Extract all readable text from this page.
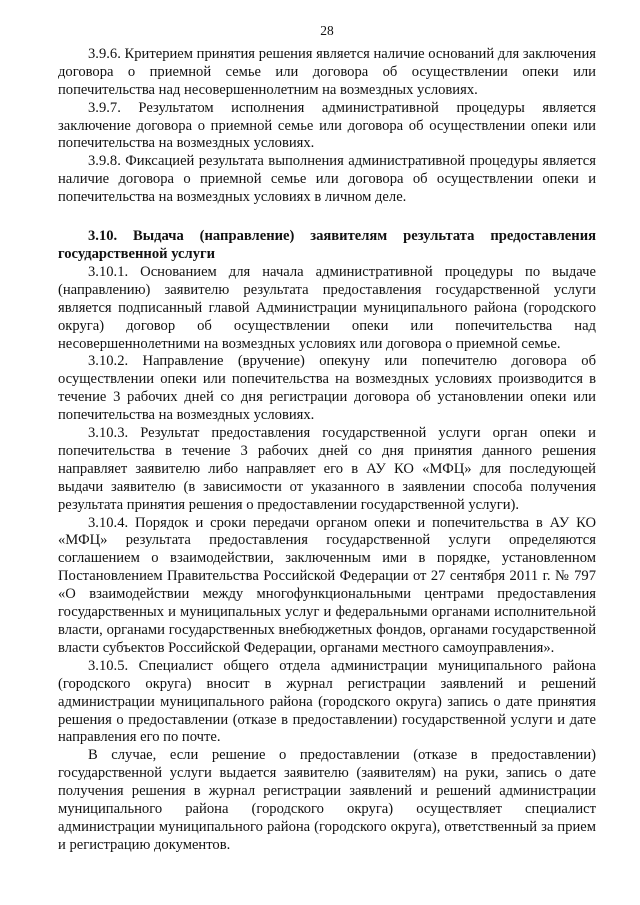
28

3.9.6. Критерием принятия решения является наличие оснований для заключения договора о приемной семье или договора об осуществлении опеки или попечительства над несовершеннолетним на возмездных условиях.

3.9.7. Результатом исполнения административной процедуры является заключение договора о приемной семье или договора об осуществлении опеки или попечительства на возмездных условиях.

3.9.8. Фиксацией результата выполнения административной процедуры является наличие договора о приемной семье или договора об осуществлении опеки и попечительства на возмездных условиях в личном деле.

3.10. Выдача (направление) заявителям результата предоставления государственной услуги

3.10.1. Основанием для начала административной процедуры по выдаче (направлению) заявителю результата предоставления государственной услуги является подписанный главой Администрации муниципального района (городского округа) договор об осуществлении опеки или попечительства над несовершеннолетними на возмездных условиях или договора о приемной семье.

3.10.2. Направление (вручение) опекуну или попечителю договора об осуществлении опеки или попечительства на возмездных условиях производится в течение 3 рабочих дней со дня регистрации договора об установлении опеки или попечительства на возмездных условиях.

3.10.3. Результат предоставления государственной услуги орган опеки и попечительства в течение 3 рабочих дней со дня принятия данного решения направляет заявителю либо направляет его в АУ КО «МФЦ» для последующей выдачи заявителю (в зависимости от указанного в заявлении способа получения результата принятия решения о предоставлении государственной услуги).

3.10.4. Порядок и сроки передачи органом опеки и попечительства в АУ КО «МФЦ» результата предоставления государственной услуги определяются соглашением о взаимодействии, заключенным ими в порядке, установленном Постановлением Правительства Российской Федерации от 27 сентября 2011 г. № 797 «О взаимодействии между многофункциональными центрами предоставления государственных и муниципальных услуг и федеральными органами исполнительной власти, органами государственных внебюджетных фондов, органами государственной власти субъектов Российской Федерации, органами местного самоуправления».

3.10.5. Специалист общего отдела администрации муниципального района (городского округа) вносит в журнал регистрации заявлений и решений администрации муниципального района (городского округа) запись о дате принятия решения о предоставлении (отказе в предоставлении) государственной услуги и дате направления его по почте.

В случае, если решение о предоставлении (отказе в предоставлении) государственной услуги выдается заявителю (заявителям) на руки, запись о дате получения решения в журнал регистрации заявлений и решений администрации муниципального района (городского округа) осуществляет специалист администрации муниципального района (городского округа), ответственный за прием и регистрацию документов.
